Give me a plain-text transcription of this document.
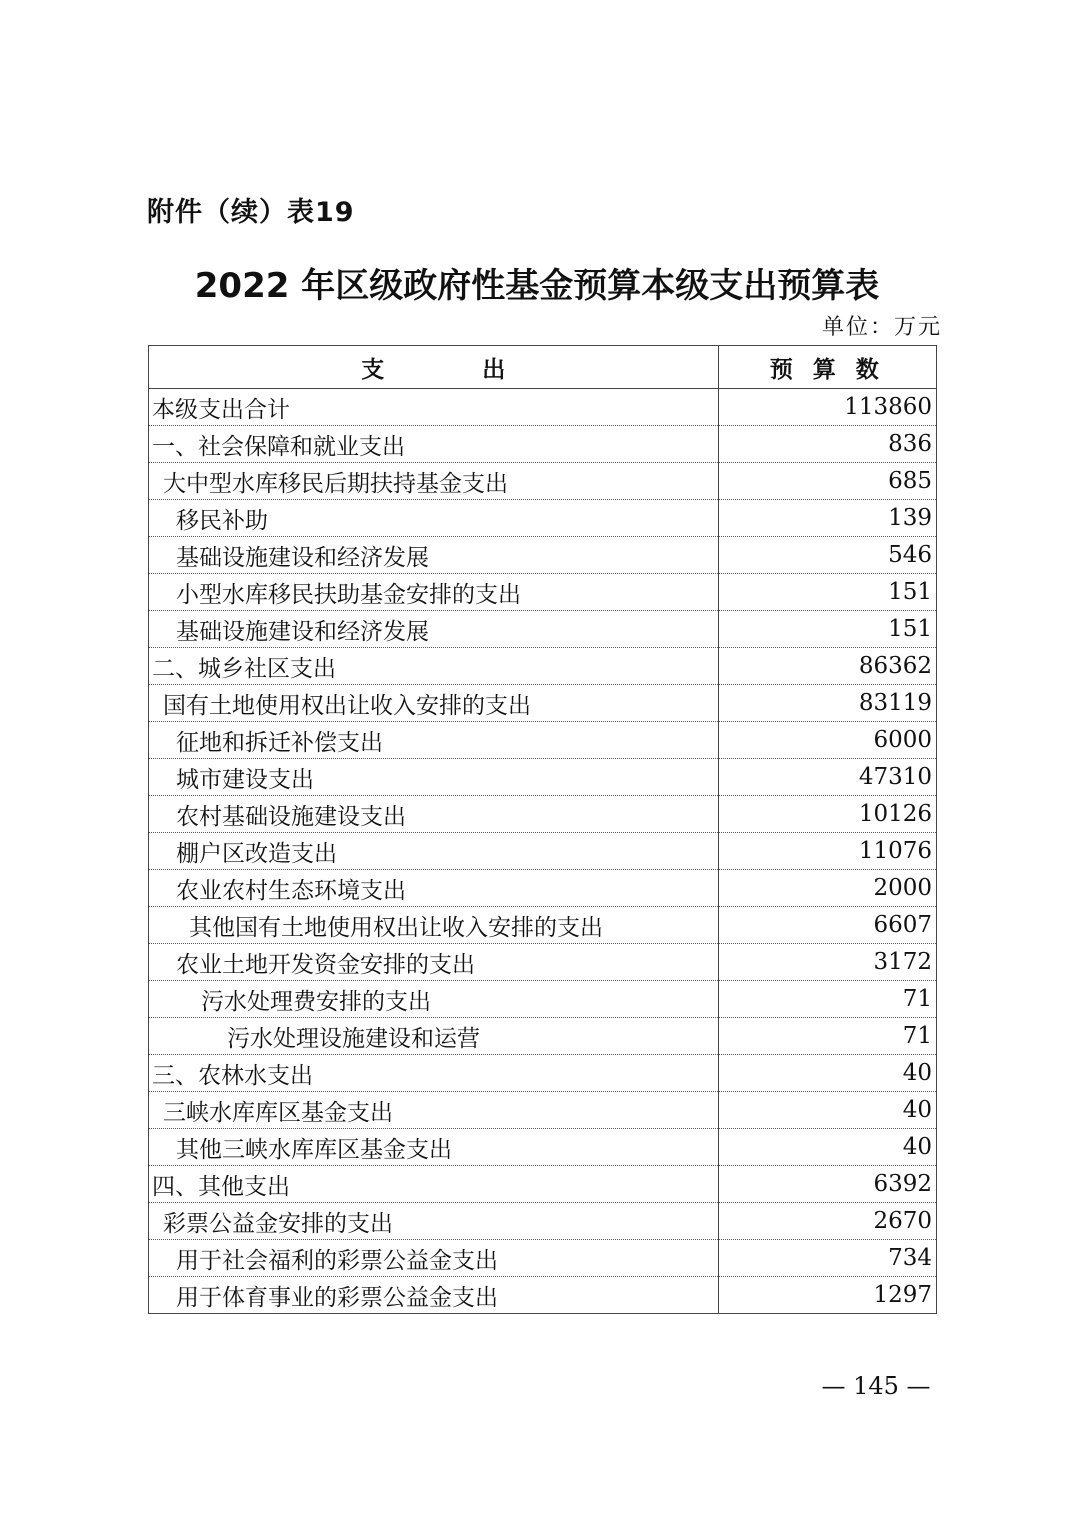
附件（续）表19
2022 年区级政府性基金预算本级支出预算表
单位：万元
支 出	预 算 数
本级支出合计	113860
一、社会保障和就业支出	836
大中型水库移民后期扶持基金支出	685
移民补助	139
基础设施建设和经济发展	546
小型水库移民扶助基金安排的支出	151
基础设施建设和经济发展	151
二、城乡社区支出	86362
国有土地使用权出让收入安排的支出	83119
征地和拆迁补偿支出	6000
城市建设支出	47310
农村基础设施建设支出	10126
棚户区改造支出	11076
农业农村生态环境支出	2000
其他国有土地使用权出让收入安排的支出	6607
农业土地开发资金安排的支出	3172
污水处理费安排的支出	71
污水处理设施建设和运营	71
三、农林水支出	40
三峡水库库区基金支出	40
其他三峡水库库区基金支出	40
四、其他支出	6392
彩票公益金安排的支出	2670
用于社会福利的彩票公益金支出	734
用于体育事业的彩票公益金支出	1297
— 145 —
